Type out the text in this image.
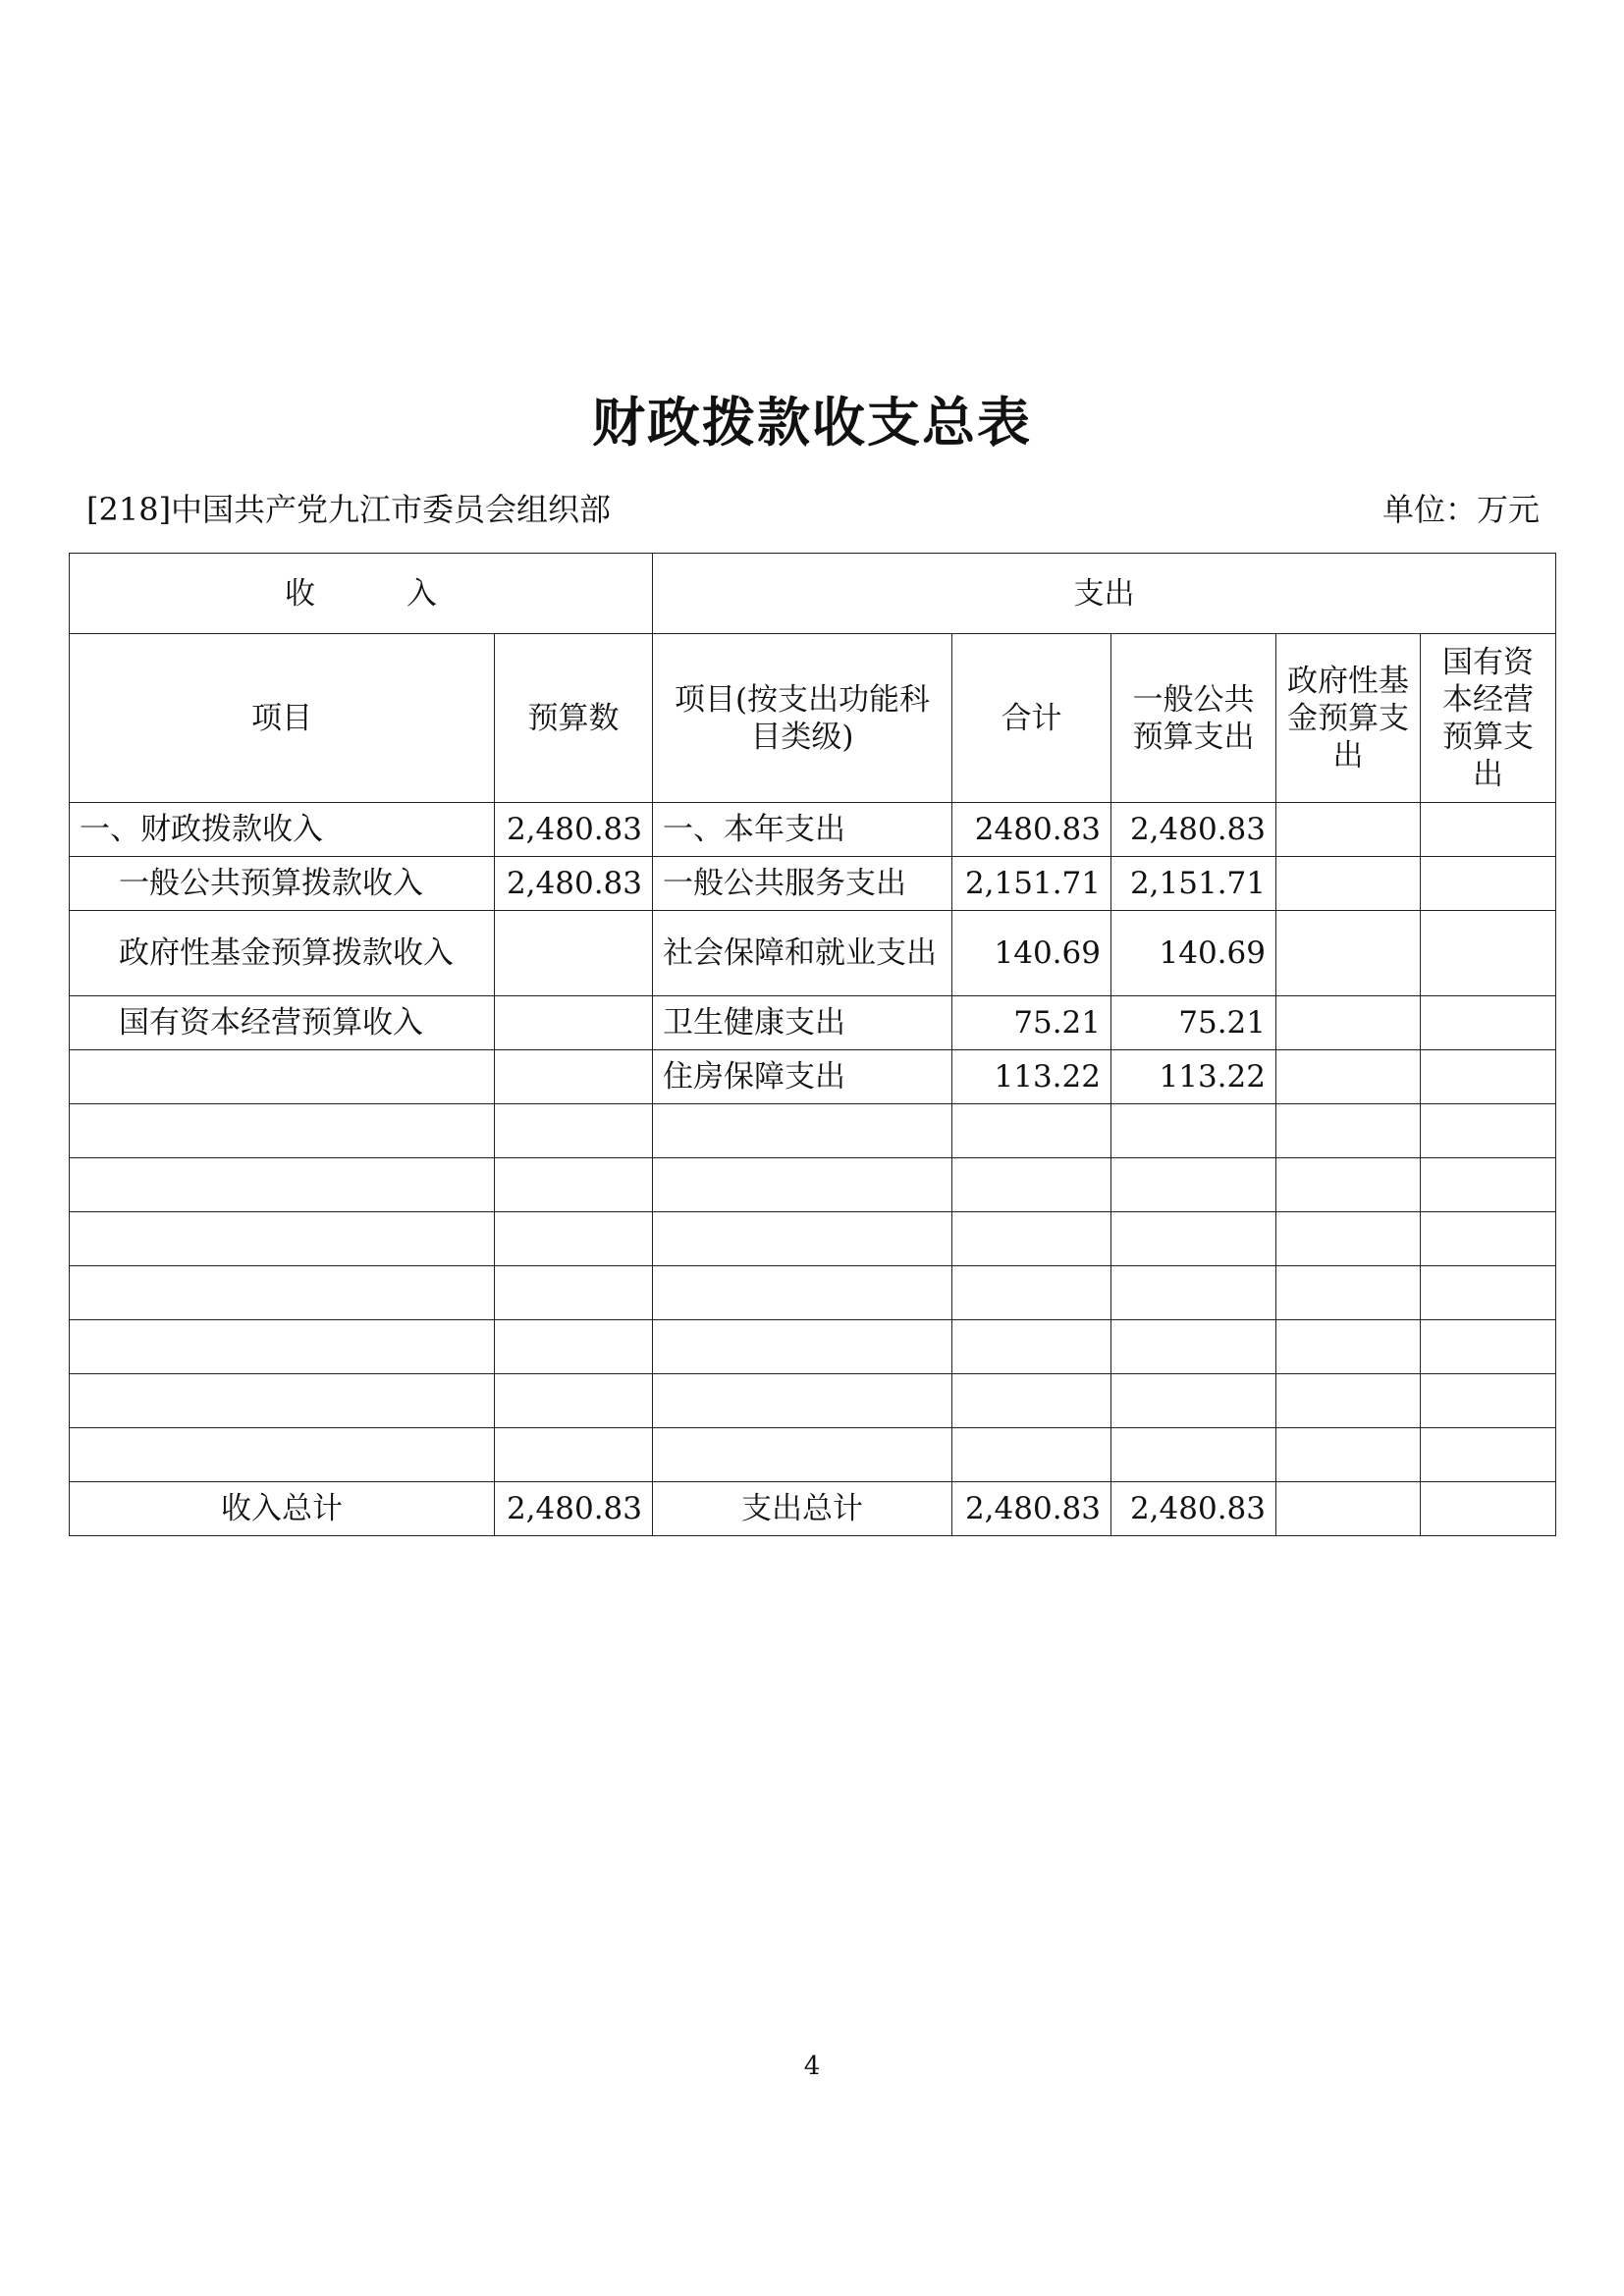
财政拨款收支总表
[218]中国共产党九江市委员会组织部	单位：万元
收　　　入		支出				
项目	预算数	项目(按支出功能科目类级)	合计	一般公共预算支出	政府性基金预算支出	国有资本经营预算支出
一、财政拨款收入	2,480.83	一、本年支出	2480.83	2,480.83		
一般公共预算拨款收入	2,480.83	一般公共服务支出	2,151.71	2,151.71		
政府性基金预算拨款收入		社会保障和就业支出	140.69	140.69		
国有资本经营预算收入		卫生健康支出	75.21	75.21		
		住房保障支出	113.22	113.22		

收入总计	2,480.83	支出总计	2,480.83	2,480.83		
4
